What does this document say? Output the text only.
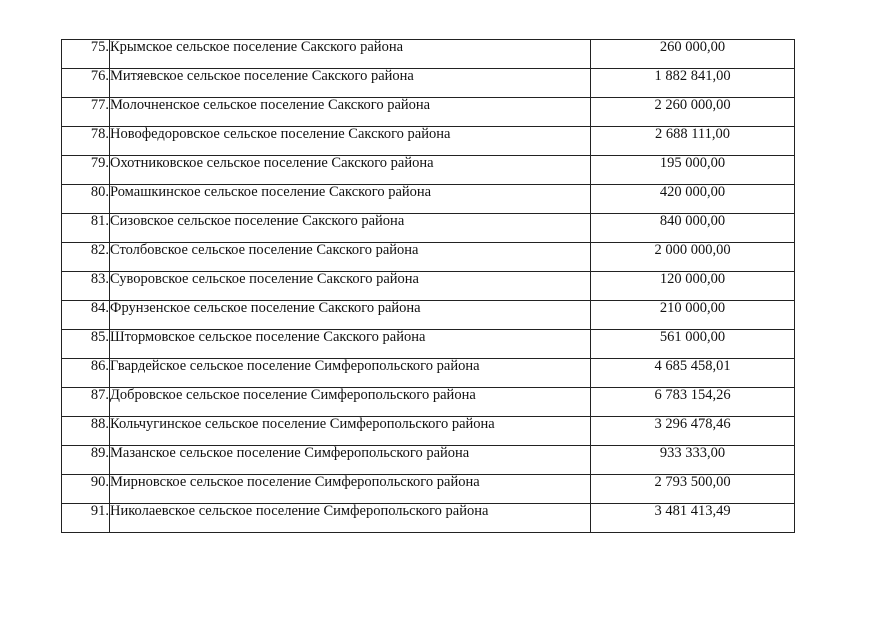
75.	Крымское сельское поселение Сакского района	260 000,00
76.	Митяевское сельское поселение Сакского района	1 882 841,00
77.	Молочненское сельское поселение Сакского района	2 260 000,00
78.	Новофедоровское сельское поселение Сакского района	2 688 111,00
79.	Охотниковское сельское поселение Сакского района	195 000,00
80.	Ромашкинское сельское поселение Сакского района	420 000,00
81.	Сизовское сельское поселение Сакского района	840 000,00
82.	Столбовское сельское поселение Сакского района	2 000 000,00
83.	Суворовское сельское поселение Сакского района	120 000,00
84.	Фрунзенское сельское поселение Сакского района	210 000,00
85.	Штормовское сельское поселение Сакского района	561 000,00
86.	Гвардейское сельское поселение Симферопольского района	4 685 458,01
87.	Добровское сельское поселение Симферопольского района	6 783 154,26
88.	Кольчугинское сельское поселение Симферопольского района	3 296 478,46
89.	Мазанское сельское поселение Симферопольского района	933 333,00
90.	Мирновское сельское поселение Симферопольского района	2 793 500,00
91.	Николаевское сельское поселение Симферопольского района	3 481 413,49
